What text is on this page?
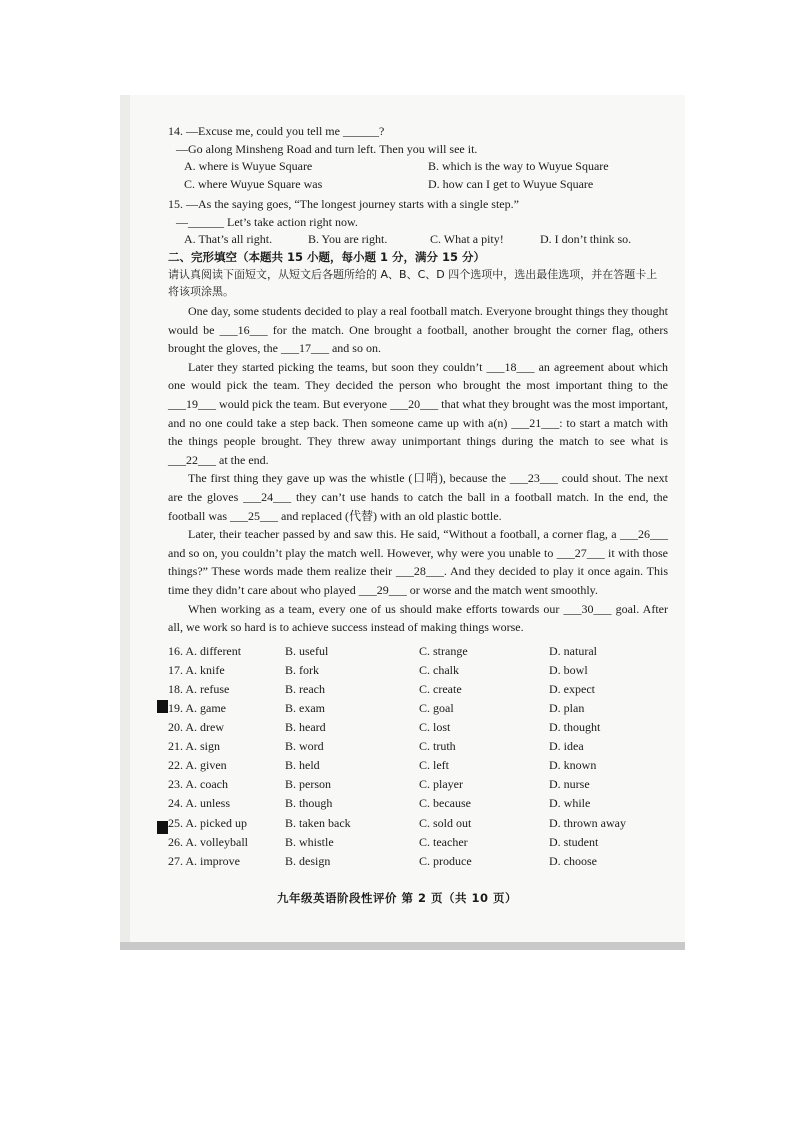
14. —Excuse me, could you tell me ______?
—Go along Minsheng Road and turn left. Then you will see it.
A. where is Wuyue Square	B. which is the way to Wuyue Square
C. where Wuyue Square was	D. how can I get to Wuyue Square
15. —As the saying goes, “The longest journey starts with a single step.”
—______ Let’s take action right now.
A. That’s all right.	B. You are right.	C. What a pity!	D. I don’t think so.
二、完形填空（本题共 15 小题，每小题 1 分，满分 15 分）
请认真阅读下面短文，从短文后各题所给的 A、B、C、D 四个选项中，选出最佳选项，并在答题卡上将该项涂黑。

One day, some students decided to play a real football match. Everyone brought things they thought would be ___16___ for the match. One brought a football, another brought the corner flag, others brought the gloves, the ___17___ and so on.

Later they started picking the teams, but soon they couldn’t ___18___ an agreement about which one would pick the team. They decided the person who brought the most important thing to the ___19___ would pick the team. But everyone ___20___ that what they brought was the most important, and no one could take a step back. Then someone came up with a(n) ___21___: to start a match with the things people brought. They threw away unimportant things during the match to see what is ___22___ at the end.

The first thing they gave up was the whistle (口哨), because the ___23___ could shout. The next are the gloves ___24___ they can’t use hands to catch the ball in a football match. In the end, the football was ___25___ and replaced (代替) with an old plastic bottle.

Later, their teacher passed by and saw this. He said, “Without a football, a corner flag, a ___26___ and so on, you couldn’t play the match well. However, why were you unable to ___27___ it with those things?” These words made them realize their ___28___. And they decided to play it once again. This time they didn’t care about who played ___29___ or worse and the match went smoothly.

When working as a team, every one of us should make efforts towards our ___30___ goal. After all, we work so hard is to achieve success instead of making things worse.

16. A. different	B. useful	C. strange	D. natural
17. A. knife	B. fork	C. chalk	D. bowl
18. A. refuse	B. reach	C. create	D. expect
19. A. game	B. exam	C. goal	D. plan
20. A. drew	B. heard	C. lost	D. thought
21. A. sign	B. word	C. truth	D. idea
22. A. given	B. held	C. left	D. known
23. A. coach	B. person	C. player	D. nurse
24. A. unless	B. though	C. because	D. while
25. A. picked up	B. taken back	C. sold out	D. thrown away
26. A. volleyball	B. whistle	C. teacher	D. student
27. A. improve	B. design	C. produce	D. choose
九年级英语阶段性评价 第 2 页（共 10 页）
